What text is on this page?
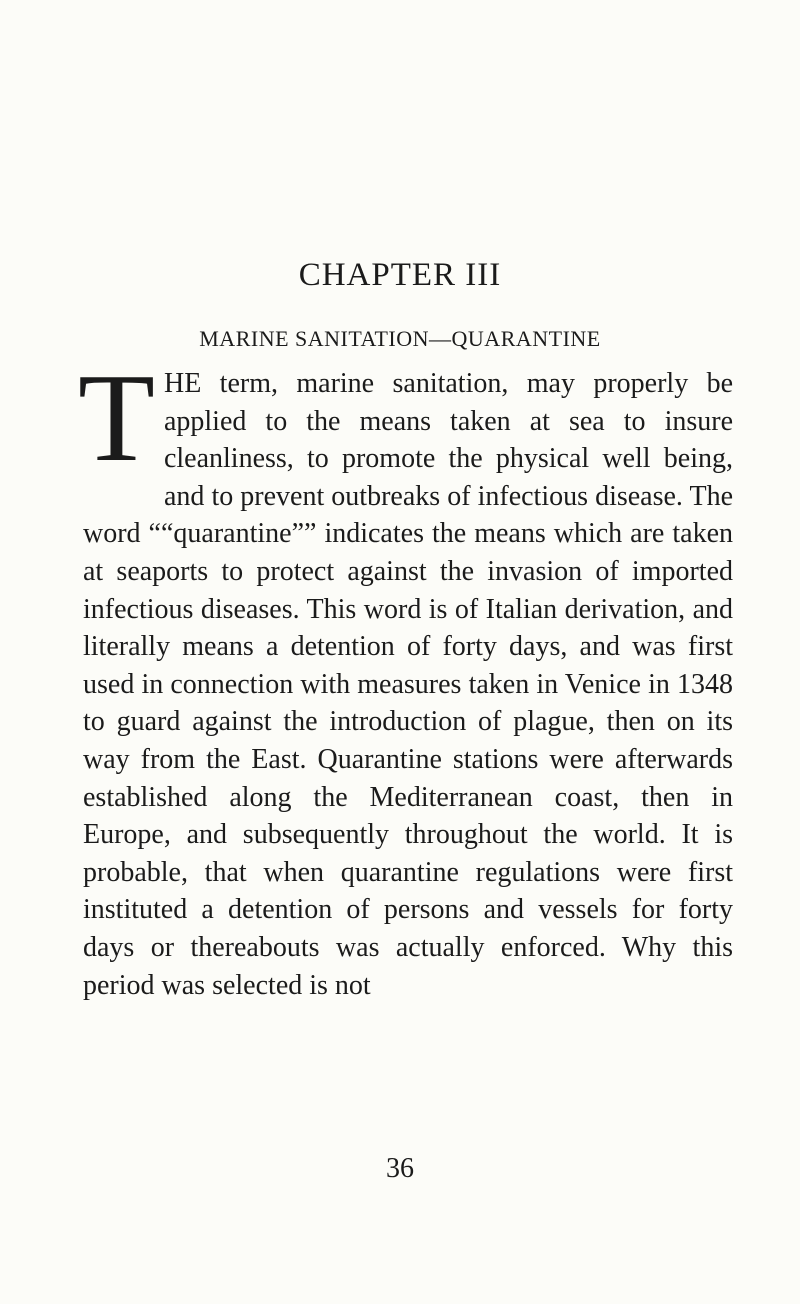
CHAPTER III
MARINE SANITATION—QUARANTINE

THE term, marine sanitation, may properly be applied to the means taken at sea to insure cleanliness, to promote the physical well being, and to prevent outbreaks of infectious disease. The word ““quarantine”” indicates the means which are taken at seaports to protect against the invasion of imported infectious diseases. This word is of Italian derivation, and literally means a detention of forty days, and was first used in connection with measures taken in Venice in 1348 to guard against the introduction of plague, then on its way from the East. Quarantine stations were afterwards established along the Mediterranean coast, then in Europe, and subsequently throughout the world. It is probable, that when quarantine regulations were first instituted a detention of persons and vessels for forty days or thereabouts was actually enforced. Why this period was selected is not

36
